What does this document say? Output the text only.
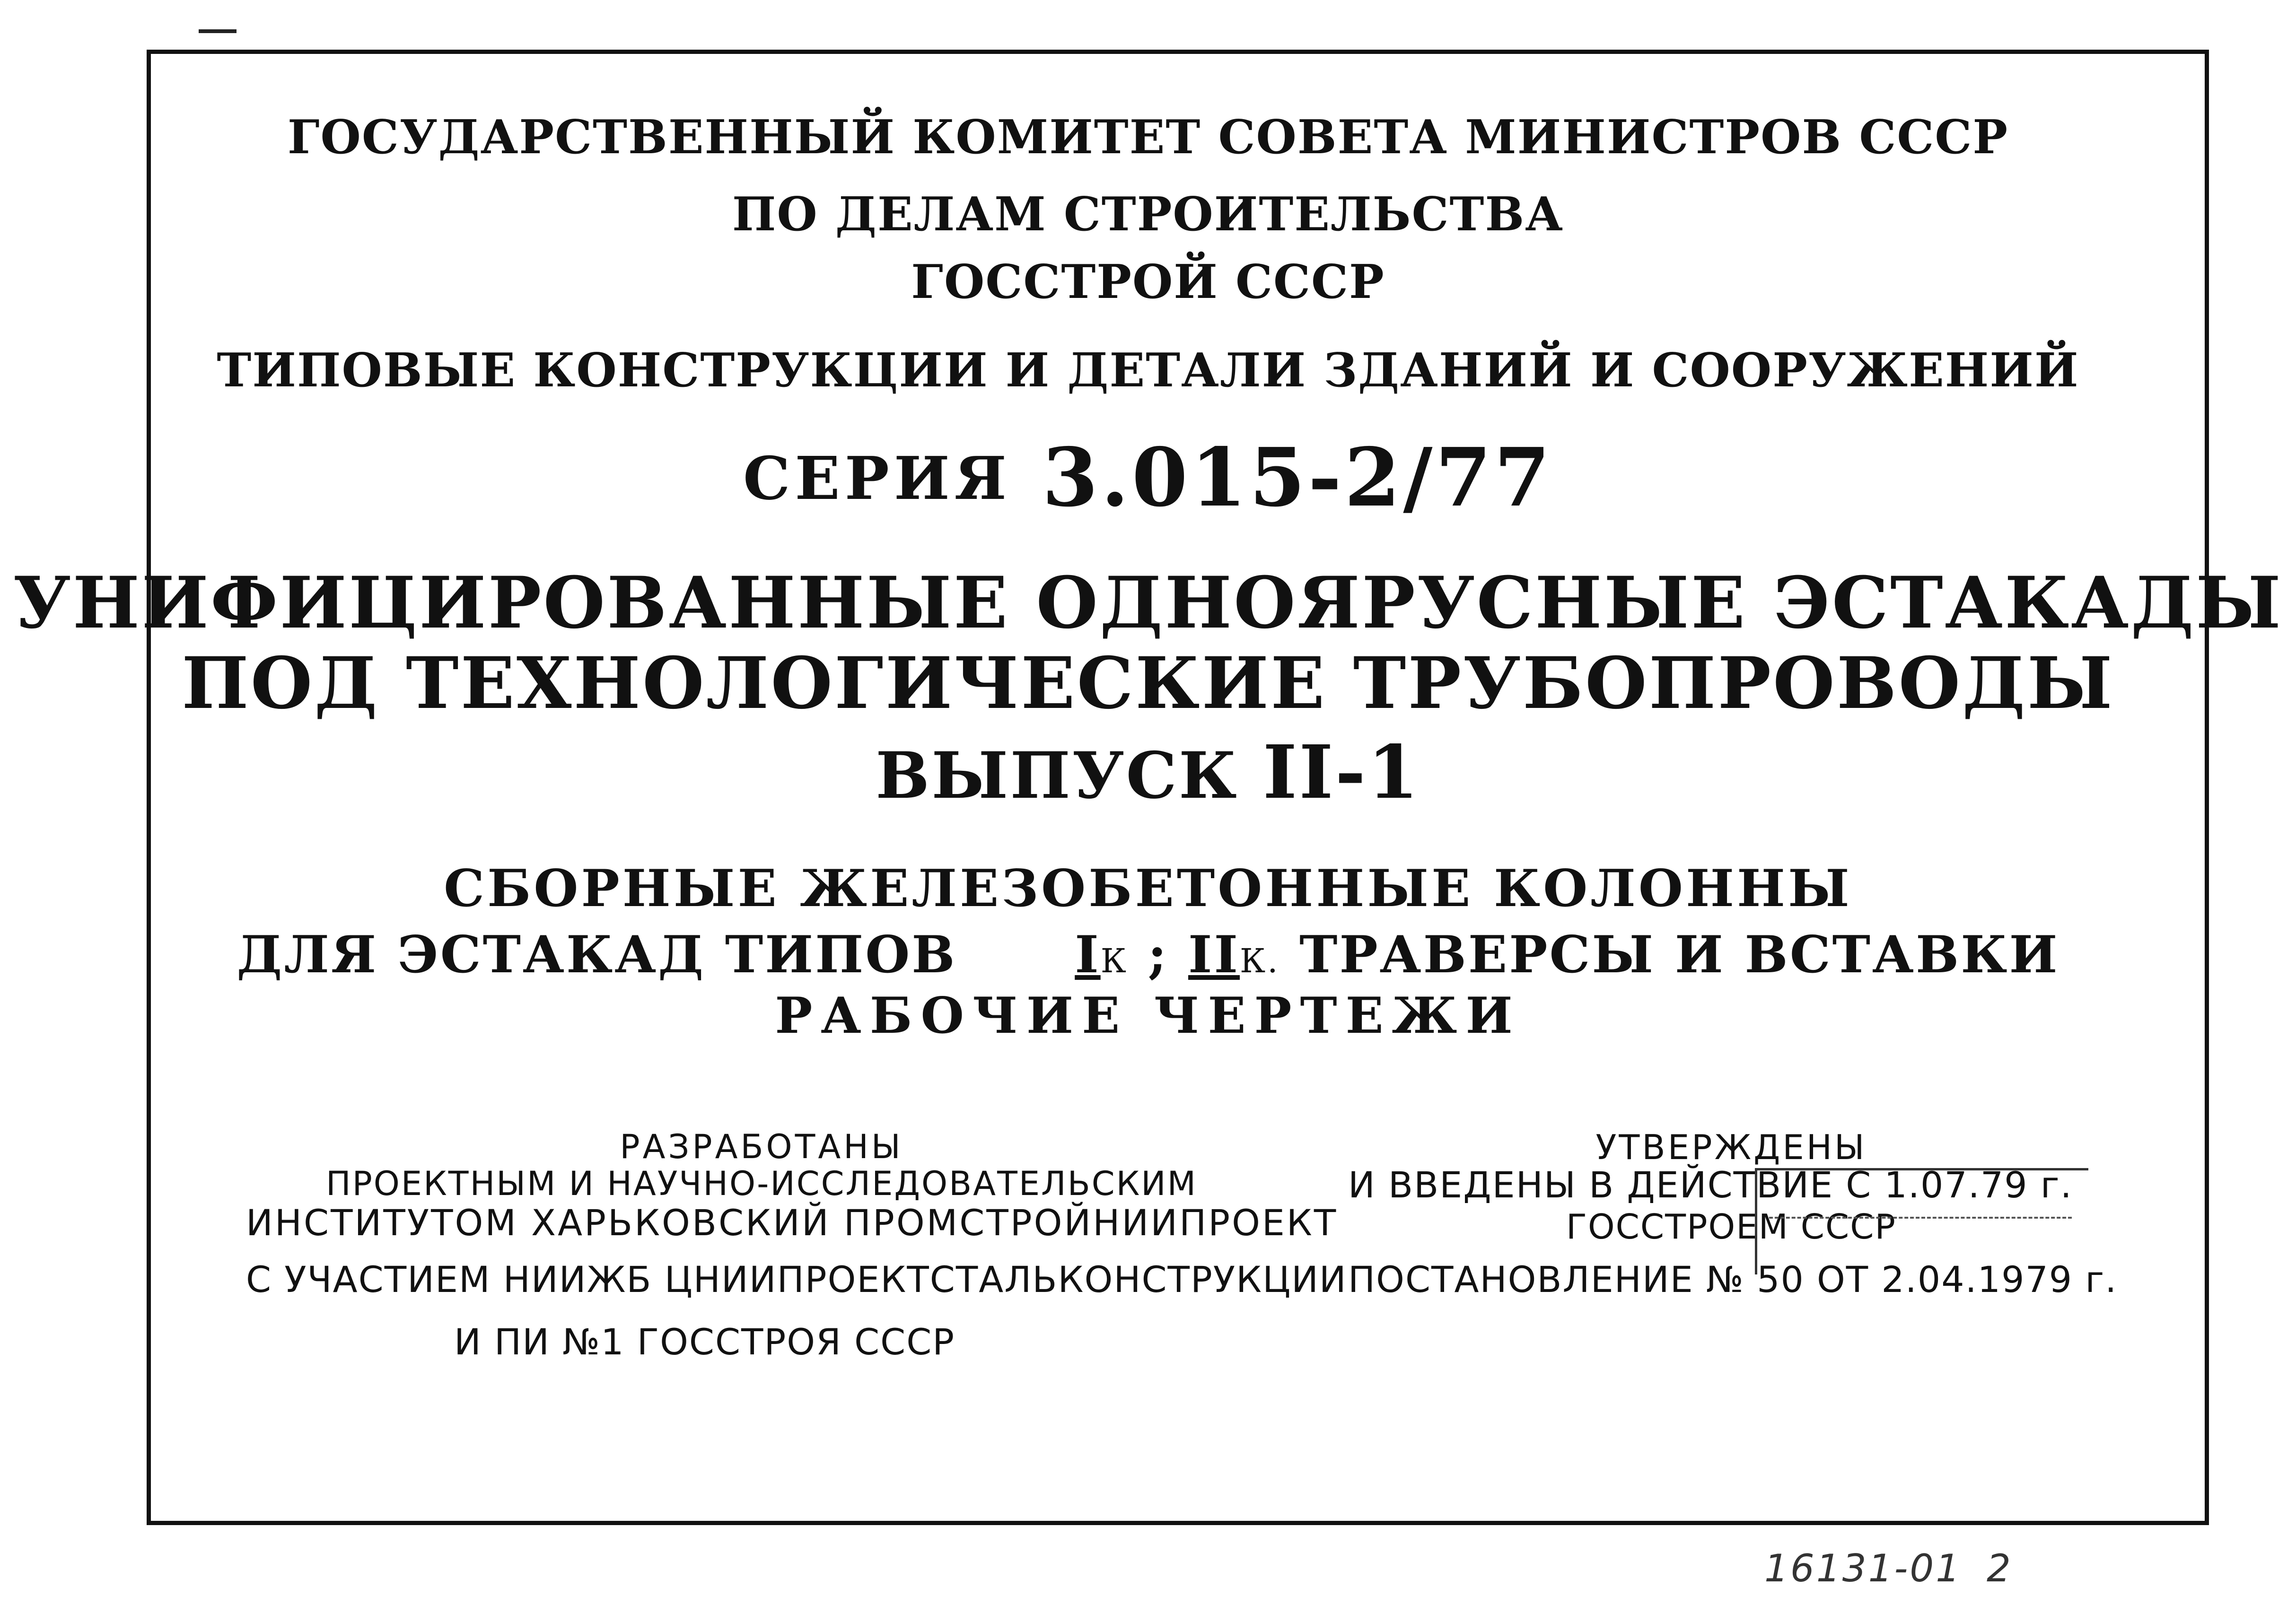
ГОСУДАРСТВЕННЫЙ КОМИТЕТ СОВЕТА МИНИСТРОВ СССР
ПО ДЕЛАМ СТРОИТЕЛЬСТВА
ГОССТРОЙ СССР
ТИПОВЫЕ КОНСТРУКЦИИ И ДЕТАЛИ ЗДАНИЙ И СООРУЖЕНИЙ
СЕРИЯ 3.015-2/77
УНИФИЦИРОВАННЫЕ ОДНОЯРУСНЫЕ ЭСТАКАДЫ
ПОД ТЕХНОЛОГИЧЕСКИЕ ТРУБОПРОВОДЫ
ВЫПУСК II-1
СБОРНЫЕ ЖЕЛЕЗОБЕТОННЫЕ КОЛОННЫ
ДЛЯ ЭСТАКАД ТИПОВ IК ; IIК. ТРАВЕРСЫ И ВСТАВКИ
РАБОЧИЕ ЧЕРТЕЖИ
РАЗРАБОТАНЫ
ПРОЕКТНЫМ И НАУЧНО-ИССЛЕДОВАТЕЛЬСКИМ
ИНСТИТУТОМ ХАРЬКОВСКИЙ ПРОМСТРОЙНИИПРОЕКТ
С УЧАСТИЕМ НИИЖБ ЦНИИПРОЕКТСТАЛЬКОНСТРУКЦИИ
И ПИ №1 ГОССТРОЯ СССР
УТВЕРЖДЕНЫ
И ВВЕДЕНЫ В ДЕЙСТВИЕ С 1.07.79 г.
ГОССТРОЕМ СССР
ПОСТАНОВЛЕНИЕ № 50 ОТ 2.04.1979 г.
16131-01 2
